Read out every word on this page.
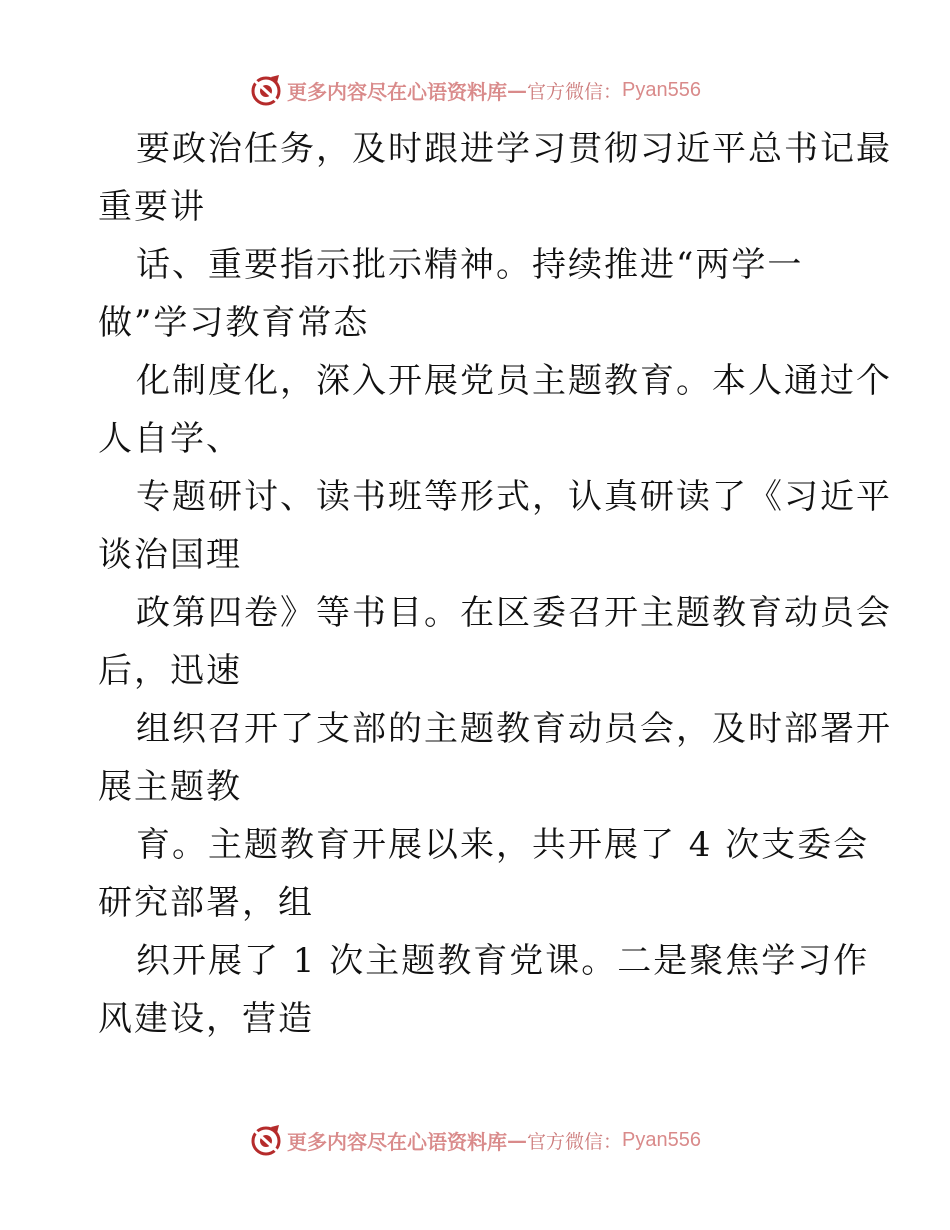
更多内容尽在心语资料库 — 官方微信： Pyan556
要政治任务，及时跟进学习贯彻习近平总书记最
重要讲
话、重要指示批示精神。持续推进“两学一
做”学习教育常态
化制度化，深入开展党员主题教育。本人通过个
人自学、
专题研讨、读书班等形式，认真研读了《习近平
谈治国理
政第四卷》等书目。在区委召开主题教育动员会
后，迅速
组织召开了支部的主题教育动员会，及时部署开
展主题教
育。主题教育开展以来，共开展了 4 次支委会
研究部署，组
织开展了 1 次主题教育党课。二是聚焦学习作
风建设，营造
更多内容尽在心语资料库 — 官方微信： Pyan556
